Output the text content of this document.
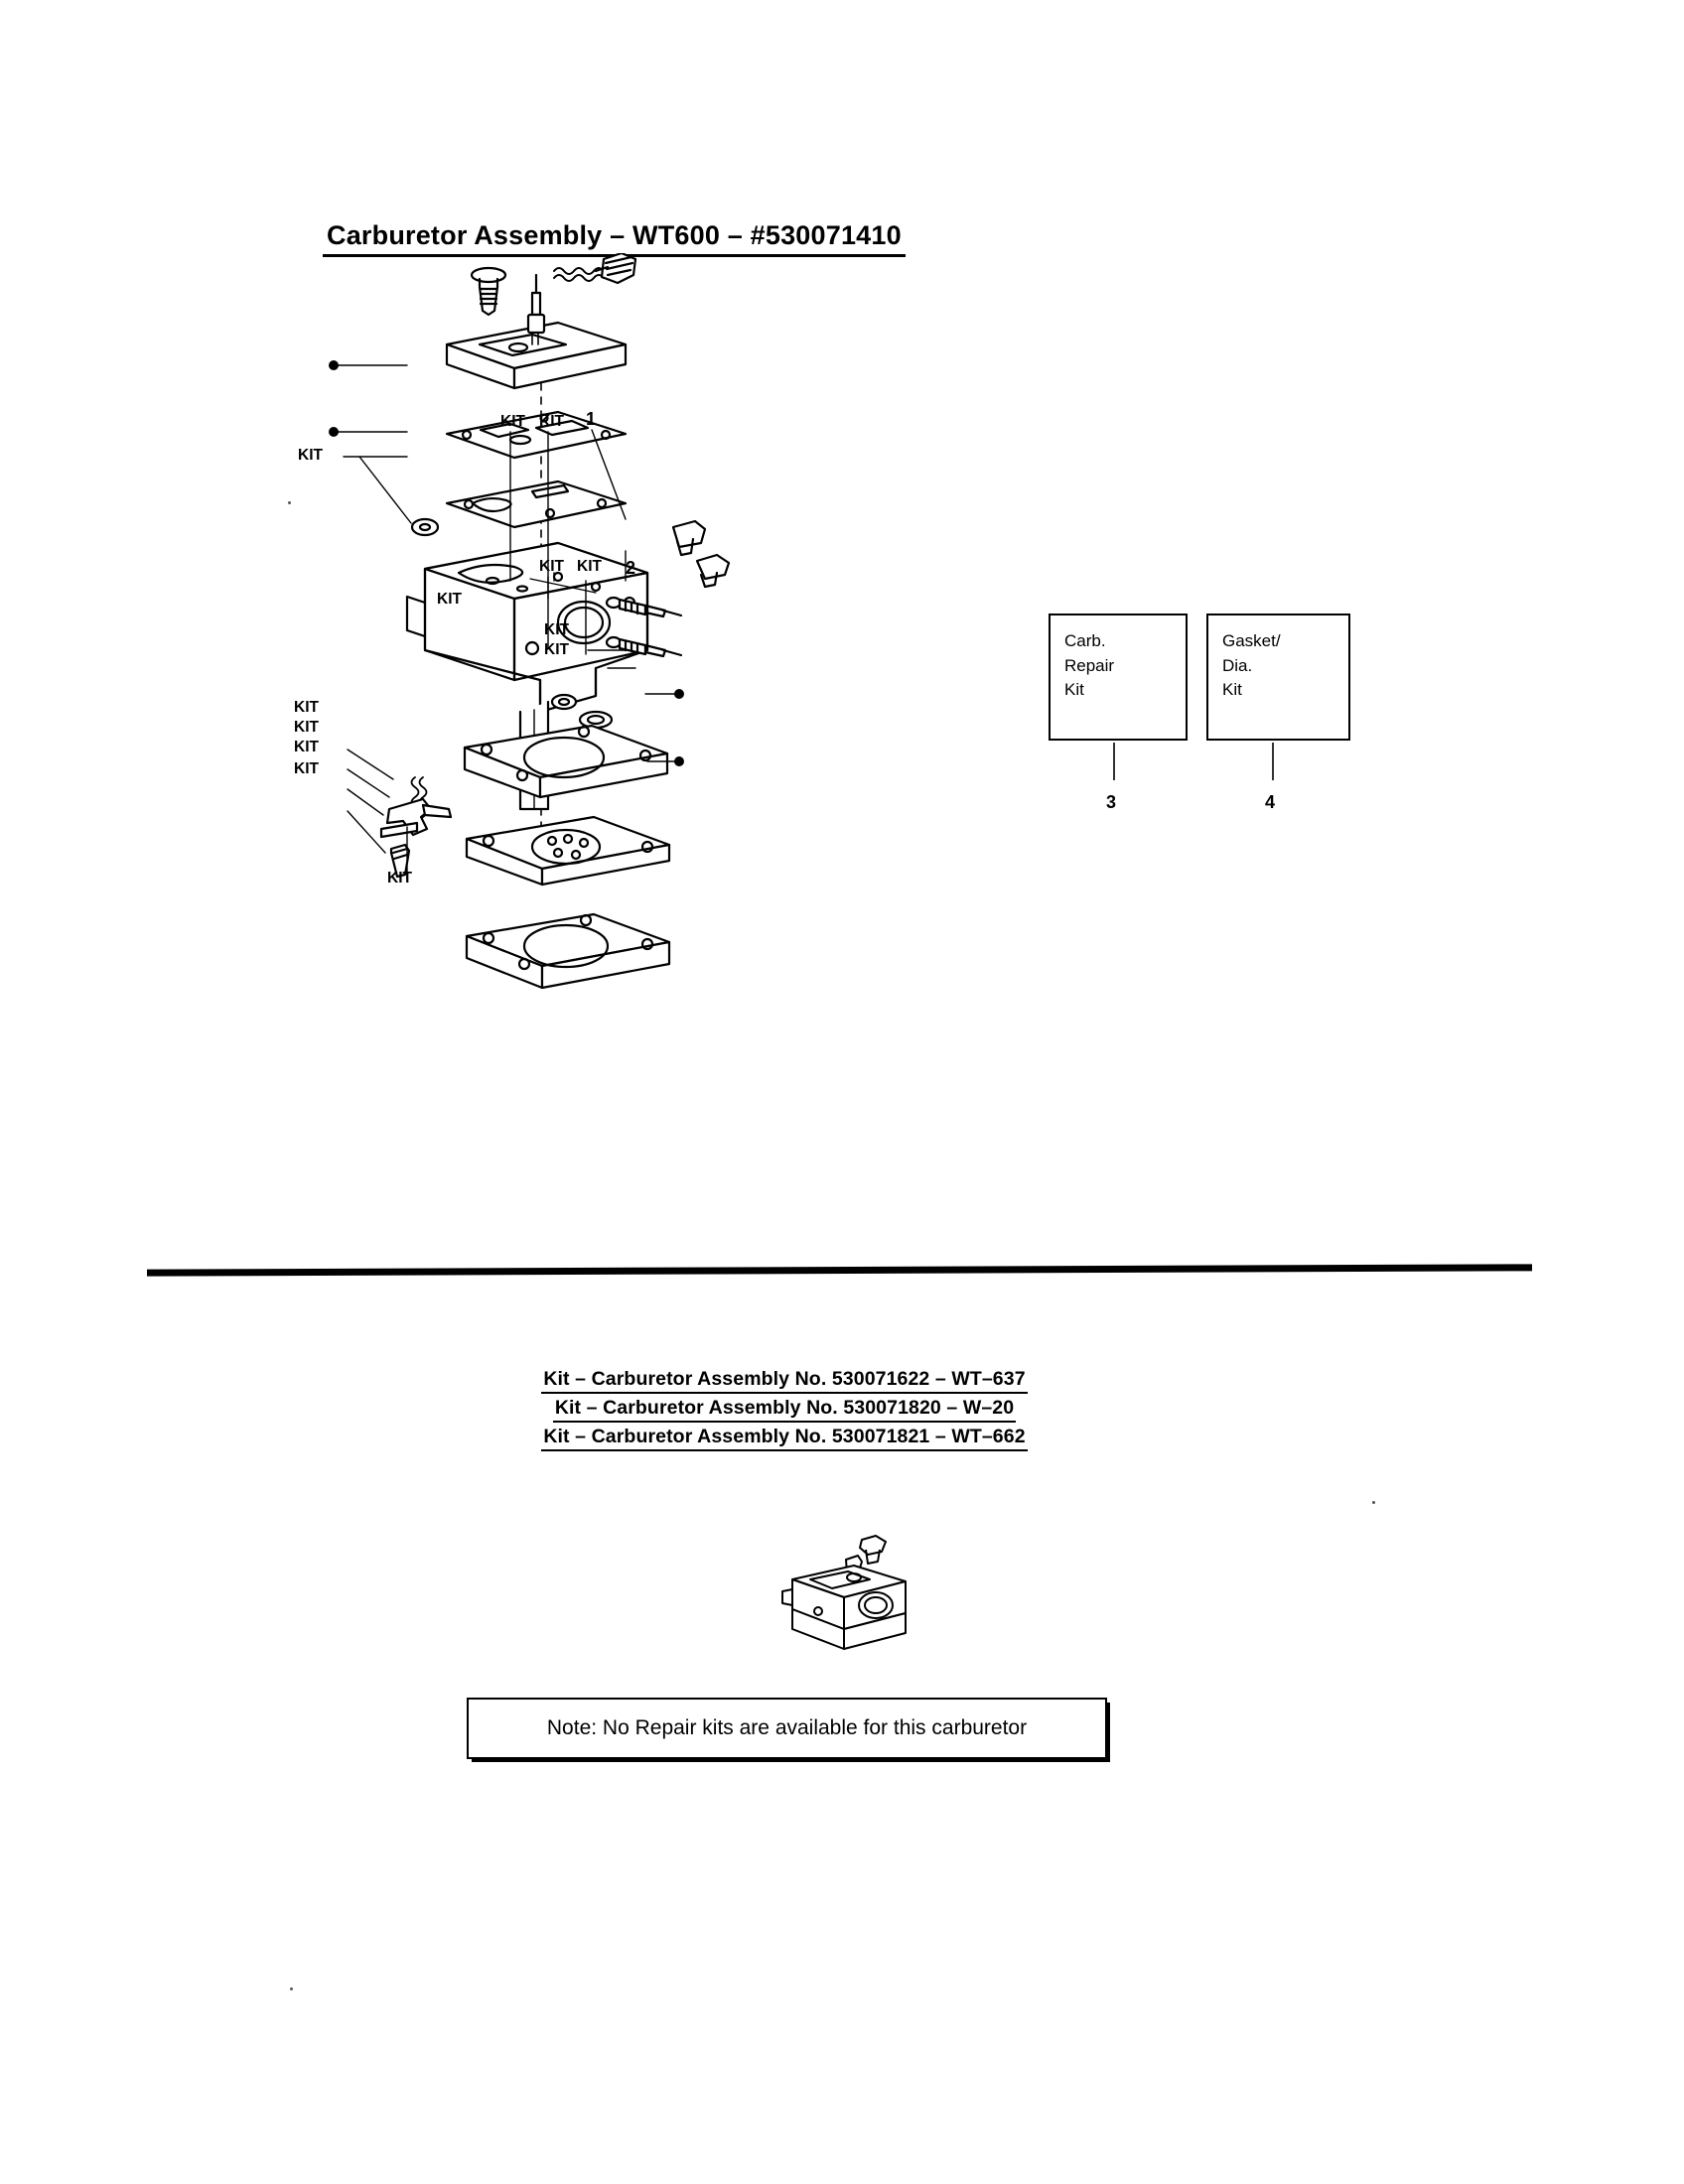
Carburetor Assembly – WT600 – #530071410
KIT
KIT KIT 1
KIT KIT 2
KIT
KIT
KIT
KIT
KIT
KIT
KIT
KIT
Carb.
Repair
Kit
3
Gasket/
Dia.
Kit
4
Kit – Carburetor Assembly No. 530071622 – WT–637
Kit – Carburetor Assembly No. 530071820 – W–20
Kit – Carburetor Assembly No. 530071821 – WT–662
Note: No Repair kits are available for this carburetor
